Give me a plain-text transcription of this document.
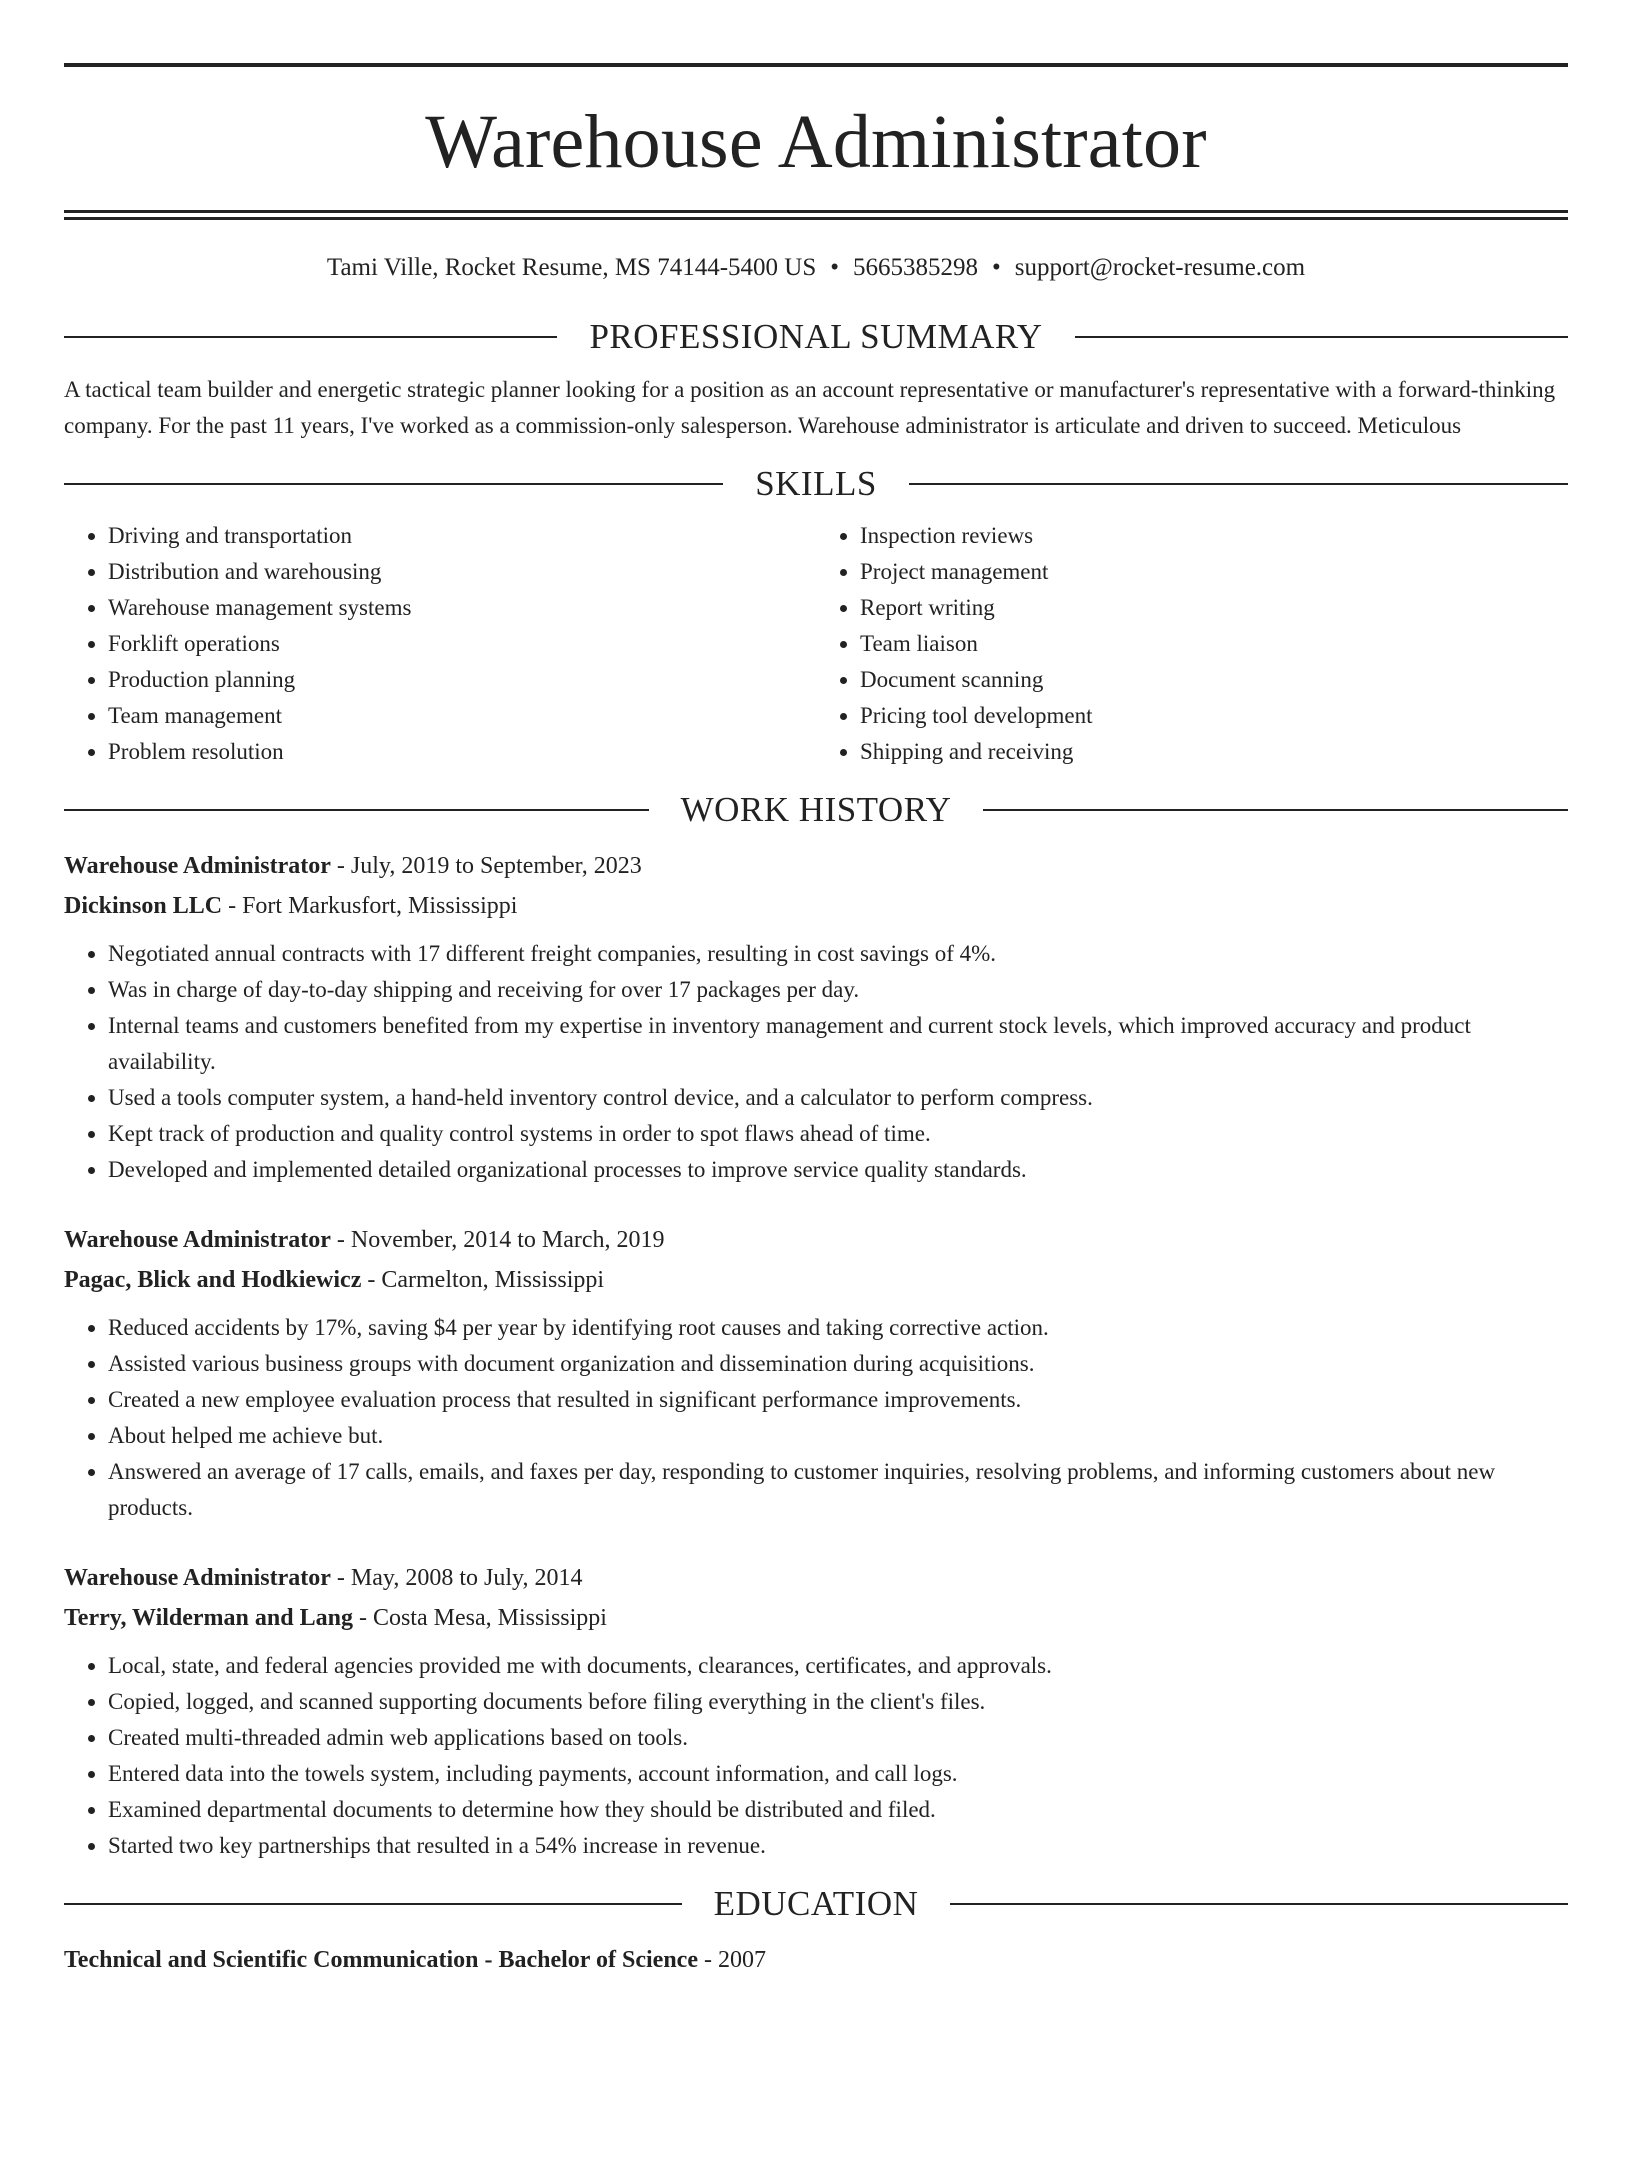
Warehouse Administrator
Tami Ville, Rocket Resume, MS 74144-5400 US • 5665385298 • support@rocket-resume.com
PROFESSIONAL SUMMARY
A tactical team builder and energetic strategic planner looking for a position as an account representative or manufacturer's representative with a forward-thinking company. For the past 11 years, I've worked as a commission-only salesperson. Warehouse administrator is articulate and driven to succeed. Meticulous
SKILLS
• Driving and transportation
• Distribution and warehousing
• Warehouse management systems
• Forklift operations
• Production planning
• Team management
• Problem resolution
• Inspection reviews
• Project management
• Report writing
• Team liaison
• Document scanning
• Pricing tool development
• Shipping and receiving
WORK HISTORY
Warehouse Administrator - July, 2019 to September, 2023
Dickinson LLC - Fort Markusfort, Mississippi
• Negotiated annual contracts with 17 different freight companies, resulting in cost savings of 4%.
• Was in charge of day-to-day shipping and receiving for over 17 packages per day.
• Internal teams and customers benefited from my expertise in inventory management and current stock levels, which improved accuracy and product availability.
• Used a tools computer system, a hand-held inventory control device, and a calculator to perform compress.
• Kept track of production and quality control systems in order to spot flaws ahead of time.
• Developed and implemented detailed organizational processes to improve service quality standards.
Warehouse Administrator - November, 2014 to March, 2019
Pagac, Blick and Hodkiewicz - Carmelton, Mississippi
• Reduced accidents by 17%, saving $4 per year by identifying root causes and taking corrective action.
• Assisted various business groups with document organization and dissemination during acquisitions.
• Created a new employee evaluation process that resulted in significant performance improvements.
• About helped me achieve but.
• Answered an average of 17 calls, emails, and faxes per day, responding to customer inquiries, resolving problems, and informing customers about new products.
Warehouse Administrator - May, 2008 to July, 2014
Terry, Wilderman and Lang - Costa Mesa, Mississippi
• Local, state, and federal agencies provided me with documents, clearances, certificates, and approvals.
• Copied, logged, and scanned supporting documents before filing everything in the client's files.
• Created multi-threaded admin web applications based on tools.
• Entered data into the towels system, including payments, account information, and call logs.
• Examined departmental documents to determine how they should be distributed and filed.
• Started two key partnerships that resulted in a 54% increase in revenue.
EDUCATION
Technical and Scientific Communication - Bachelor of Science - 2007
